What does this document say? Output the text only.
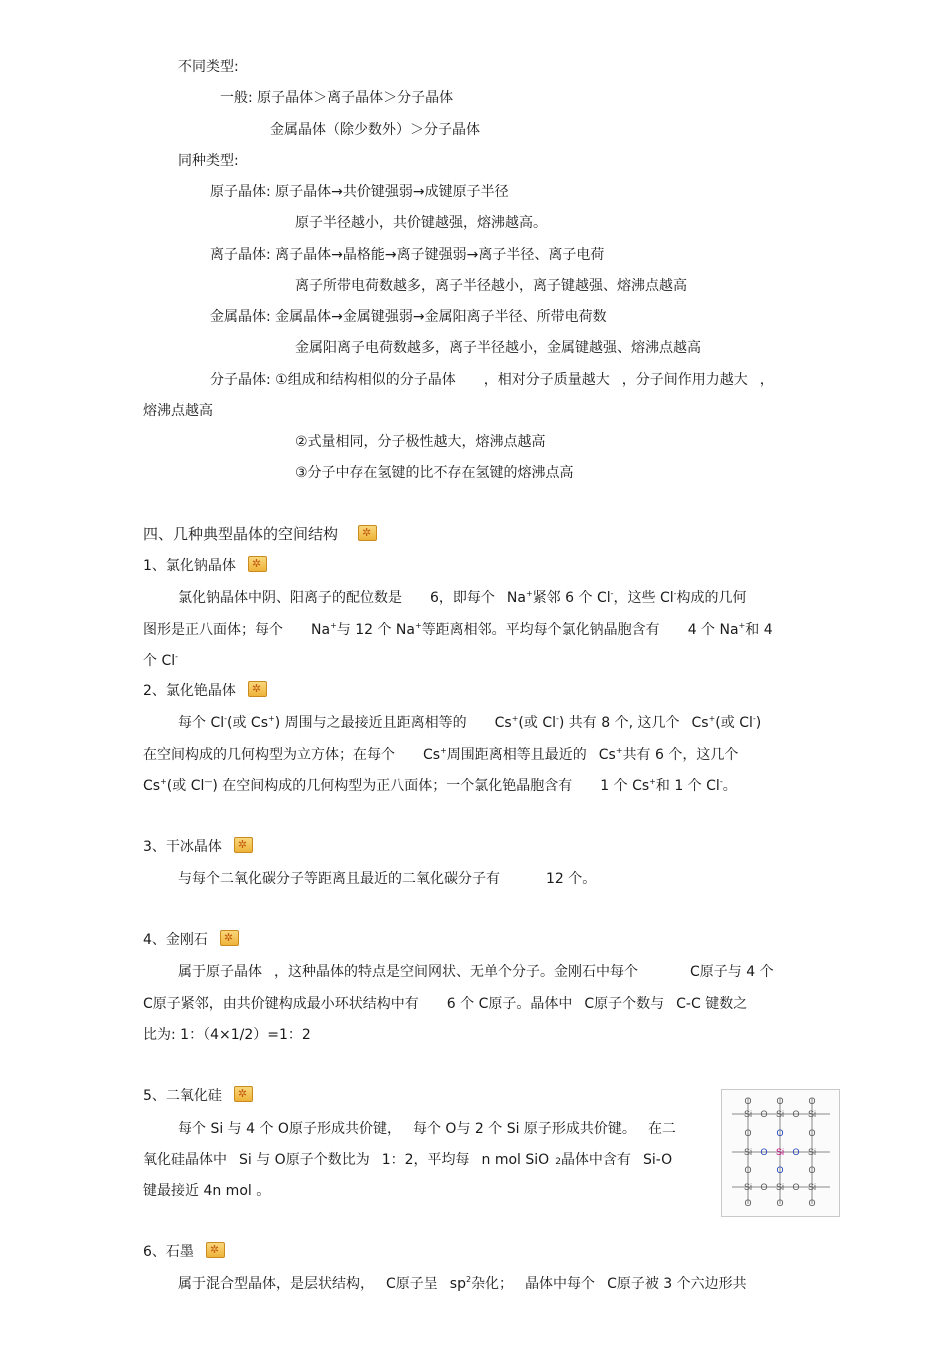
不同类型:
一般: 原子晶体＞离子晶体＞分子晶体
金属晶体（除少数外）＞分子晶体
同种类型:
原子晶体: 原子晶体→共价键强弱→成键原子半径
原子半径越小，共价键越强，熔沸越高。
离子晶体: 离子晶体→晶格能→离子键强弱→离子半径、离子电荷
离子所带电荷数越多，离子半径越小，离子键越强、熔沸点越高
金属晶体: 金属晶体→金属键强弱→金属阳离子半径、所带电荷数
金属阳离子电荷数越多，离子半径越小，金属键越强、熔沸点越高
分子晶体: ①组成和结构相似的分子晶体 ，相对分子质量越大 ，分子间作用力越大 ，
熔沸点越高
②式量相同，分子极性越大，熔沸点越高
③分子中存在氢键的比不存在氢键的熔沸点高
四、几种典型晶体的空间结构✲
1、氯化钠晶体✲
氯化钠晶体中阴、阳离子的配位数是 6，即每个 Na+紧邻 6 个 Cl-，这些 Cl-构成的几何
图形是正八面体；每个 Na+与 12 个 Na+等距离相邻。平均每个氯化钠晶胞含有 4 个 Na+和 4
个 Cl-
2、氯化铯晶体✲
每个 Cl-(或 Cs+) 周围与之最接近且距离相等的 Cs+(或 Cl-) 共有 8 个, 这几个 Cs+(或 Cl-)
在空间构成的几何构型为立方体；在每个 Cs+周围距离相等且最近的 Cs+共有 6 个，这几个
Cs+(或 Cl—) 在空间构成的几何构型为正八面体；一个氯化铯晶胞含有 1 个 Cs+和 1 个 Cl-。
3、干冰晶体✲
与每个二氧化碳分子等距离且最近的二氧化碳分子有	12 个。
4、金刚石✲
属于原子晶体 ，这种晶体的特点是空间网状、无单个分子。金刚石中每个	C原子与 4 个
C原子紧邻，由共价键构成最小环状结构中有 6 个 C原子。晶体中 C原子个数与 C-C 键数之
比为: 1：（4×1/2）=1：2
5、二氧化硅✲
每个 Si 与 4 个 O原子形成共价键， 每个 O与 2 个 Si 原子形成共价键。 在二
氧化硅晶体中 Si 与 O原子个数比为 1：2，平均每 n mol SiO 2晶体中含有 Si-O
键最接近 4n mol 。
Si
Si
Si
Si
Si
Si
Si
Si
Si
O	O
O	O
O	O
O
O
O
O
O
O
O
O
O
O
O
O
6、石墨✲
属于混合型晶体，是层状结构， C原子呈 $sp^2$杂化； 晶体中每个 C原子被 3 个六边形共
